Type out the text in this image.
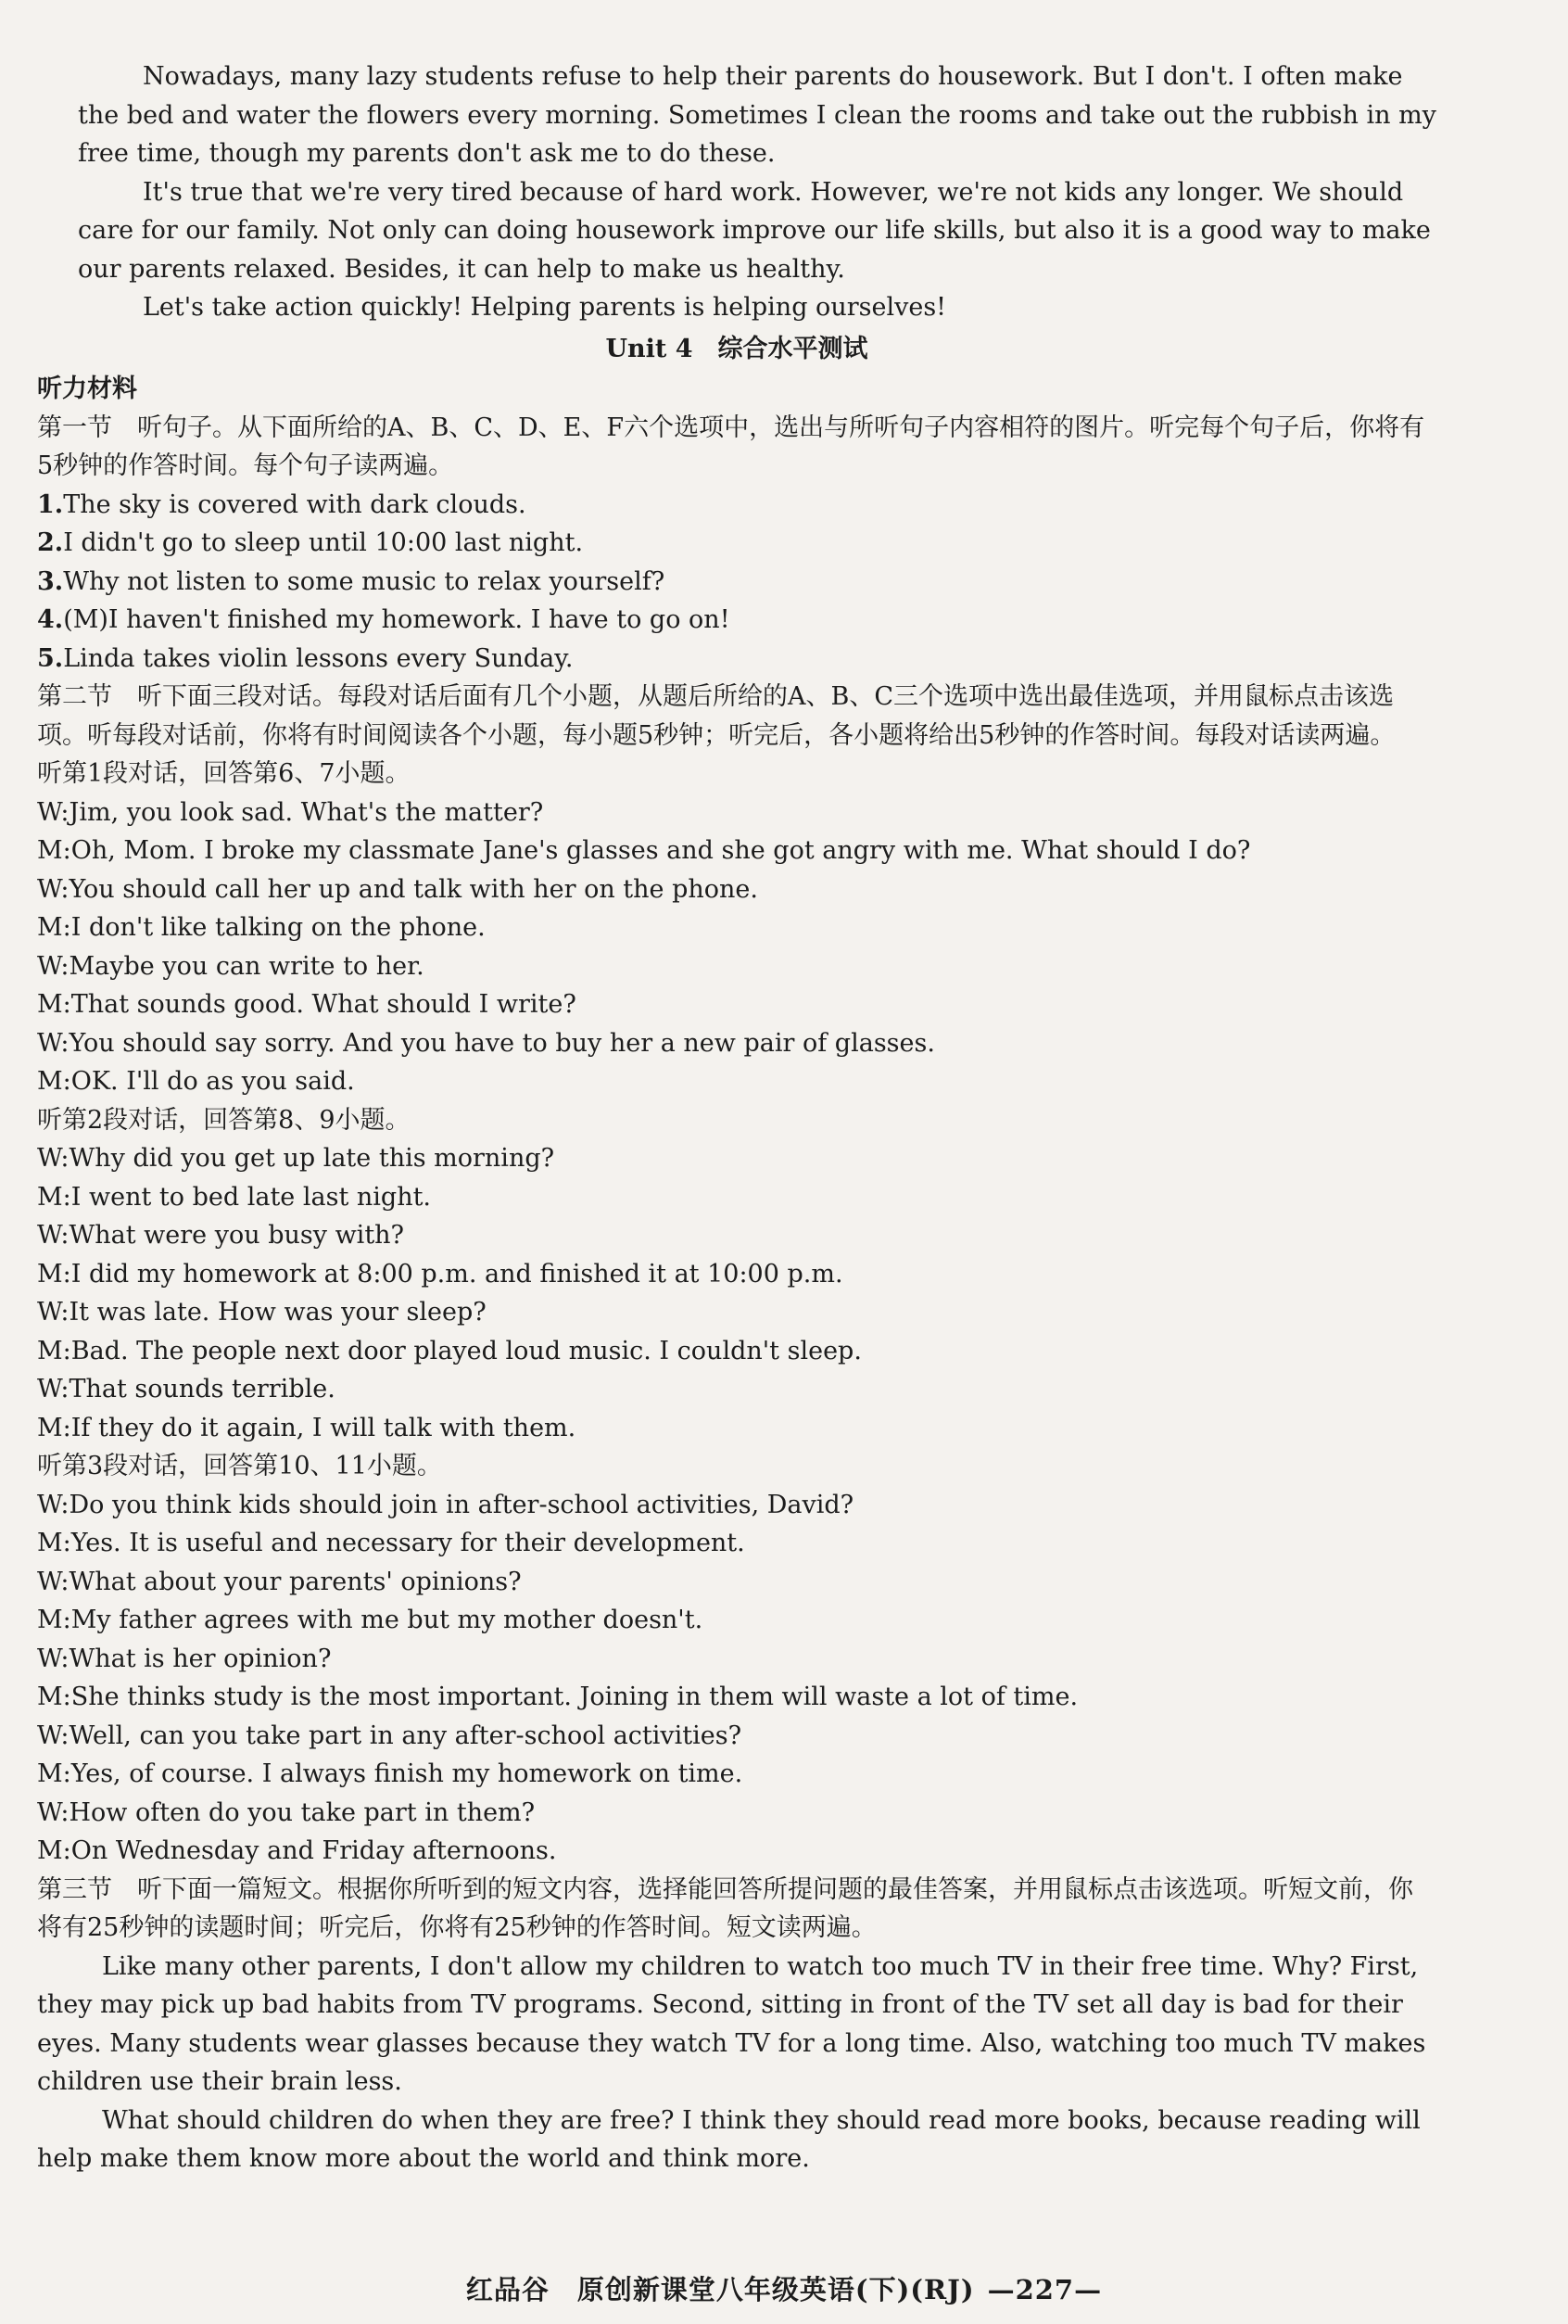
Nowadays, many lazy students refuse to help their parents do housework. But I don't. I often make the bed and water the flowers every morning. Sometimes I clean the rooms and take out the rubbish in my free time, though my parents don't ask me to do these.

It's true that we're very tired because of hard work. However, we're not kids any longer. We should care for our family. Not only can doing housework improve our life skills, but also it is a good way to make our parents relaxed. Besides, it can help to make us healthy.

Let's take action quickly! Helping parents is helping ourselves!

Unit 4　综合水平测试

听力材料

第一节　听句子。从下面所给的A、B、C、D、E、F六个选项中，选出与所听句子内容相符的图片。听完每个句子后，你将有5秒钟的作答时间。每个句子读两遍。

1.The sky is covered with dark clouds.

2.I didn't go to sleep until 10:00 last night.

3.Why not listen to some music to relax yourself?

4.(M)I haven't finished my homework. I have to go on!

5.Linda takes violin lessons every Sunday.

第二节　听下面三段对话。每段对话后面有几个小题，从题后所给的A、B、C三个选项中选出最佳选项，并用鼠标点击该选项。听每段对话前，你将有时间阅读各个小题，每小题5秒钟；听完后，各小题将给出5秒钟的作答时间。每段对话读两遍。

听第1段对话，回答第6、7小题。

W:Jim, you look sad. What's the matter?

M:Oh, Mom. I broke my classmate Jane's glasses and she got angry with me. What should I do?

W:You should call her up and talk with her on the phone.

M:I don't like talking on the phone.

W:Maybe you can write to her.

M:That sounds good. What should I write?

W:You should say sorry. And you have to buy her a new pair of glasses.

M:OK. I'll do as you said.

听第2段对话，回答第8、9小题。

W:Why did you get up late this morning?

M:I went to bed late last night.

W:What were you busy with?

M:I did my homework at 8:00 p.m. and finished it at 10:00 p.m.

W:It was late. How was your sleep?

M:Bad. The people next door played loud music. I couldn't sleep.

W:That sounds terrible.

M:If they do it again, I will talk with them.

听第3段对话，回答第10、11小题。

W:Do you think kids should join in after-school activities, David?

M:Yes. It is useful and necessary for their development.

W:What about your parents' opinions?

M:My father agrees with me but my mother doesn't.

W:What is her opinion?

M:She thinks study is the most important. Joining in them will waste a lot of time.

W:Well, can you take part in any after-school activities?

M:Yes, of course. I always finish my homework on time.

W:How often do you take part in them?

M:On Wednesday and Friday afternoons.

第三节　听下面一篇短文。根据你所听到的短文内容，选择能回答所提问题的最佳答案，并用鼠标点击该选项。听短文前，你将有25秒钟的读题时间；听完后，你将有25秒钟的作答时间。短文读两遍。

Like many other parents, I don't allow my children to watch too much TV in their free time. Why? First, they may pick up bad habits from TV programs. Second, sitting in front of the TV set all day is bad for their eyes. Many students wear glasses because they watch TV for a long time. Also, watching too much TV makes children use their brain less.

What should children do when they are free? I think they should read more books, because reading will help make them know more about the world and think more.

红品谷　原创新课堂八年级英语(下)(RJ) —227—
